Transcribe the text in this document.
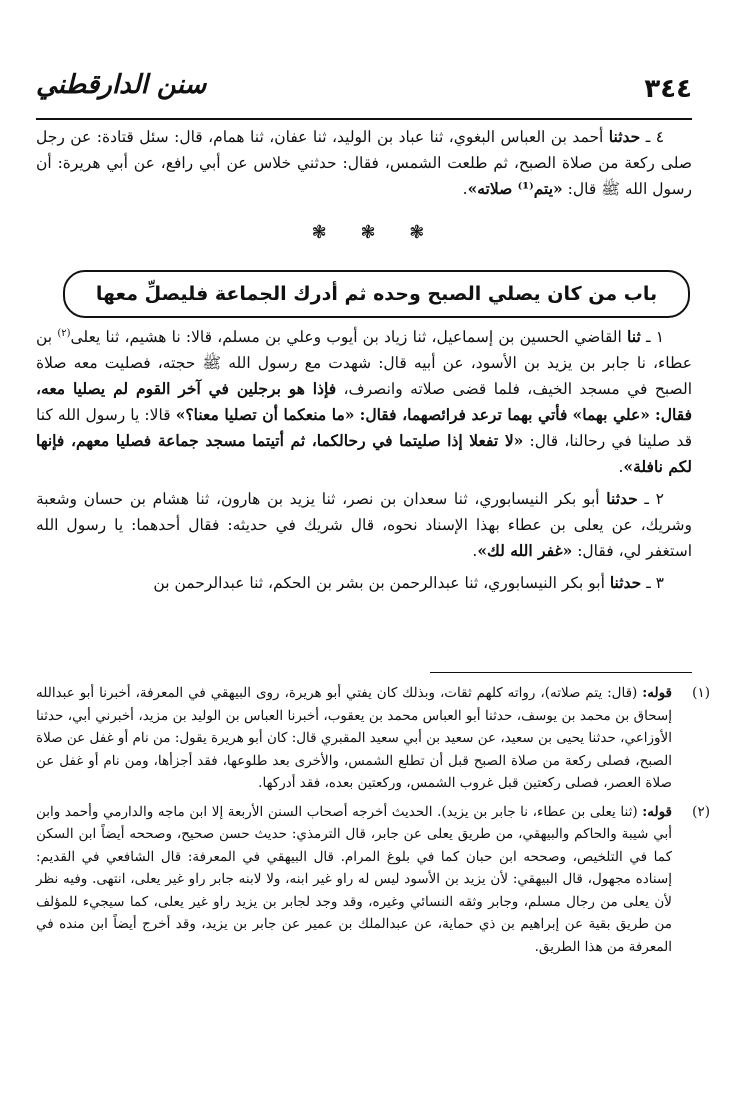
٣٤٤
سنن الدارقطني

٤ ـ حدثنا أحمد بن العباس البغوي، ثنا عباد بن الوليد، ثنا عفان، ثنا همام، قال: سئل قتادة: عن رجل صلى ركعة من صلاة الصبح، ثم طلعت الشمس، فقال: حدثني خلاس عن أبي رافع، عن أبي هريرة: أن رسول الله ﷺ قال: «يتم⁽¹⁾ صلاته».

❃ ❃ ❃
باب من كان يصلي الصبح وحده ثم أدرك الجماعة فليصلِّ معها

١ ـ ثنا القاضي الحسين بن إسماعيل، ثنا زياد بن أيوب وعلي بن مسلم، قالا: نا هشيم، ثنا يعلى$^{(٢)}$ بن عطاء، نا جابر بن يزيد بن الأسود، عن أبيه قال: شهدت مع رسول الله ﷺ حجته، فصليت معه صلاة الصبح في مسجد الخيف، فلما قضى صلاته وانصرف، فإذا هو برجلين في آخر القوم لم يصليا معه، فقال: «علي بهما» فأتي بهما ترعد فرائصهما، فقال: «ما منعكما أن تصليا معنا؟» قالا: يا رسول الله كنا قد صلينا في رحالنا، قال: «لا تفعلا إذا صليتما في رحالكما، ثم أتيتما مسجد جماعة فصليا معهم، فإنها لكم نافلة».

٢ ـ حدثنا أبو بكر النيسابوري، ثنا سعدان بن نصر، ثنا يزيد بن هارون، ثنا هشام بن حسان وشعبة وشريك، عن يعلى بن عطاء بهذا الإسناد نحوه، قال شريك في حديثه: فقال أحدهما: يا رسول الله استغفر لي، فقال: «غفر الله لك».

٣ ـ حدثنا أبو بكر النيسابوري، ثنا عبدالرحمن بن بشر بن الحكم، ثنا عبدالرحمن بن

(١)
قوله: (قال: يتم صلاته)، رواته كلهم ثقات، وبذلك كان يفتي أبو هريرة، روى البيهقي في المعرفة، أخبرنا أبو عبدالله إسحاق بن محمد بن يوسف، حدثنا أبو العباس محمد بن يعقوب، أخبرنا العباس بن الوليد بن مزيد، أخبرني أبي، حدثنا الأوزاعي، حدثنا يحيى بن سعيد، عن سعيد بن أبي سعيد المقبري قال: كان أبو هريرة يقول: من نام أو غفل عن صلاة الصبح، فصلى ركعة من صلاة الصبح قبل أن تطلع الشمس، والأخرى بعد طلوعها، فقد أجزأها، ومن نام أو غفل عن صلاة العصر، فصلى ركعتين قبل غروب الشمس، وركعتين بعده، فقد أدركها.

(٢)
قوله: (ثنا يعلى بن عطاء، نا جابر بن يزيد). الحديث أخرجه أصحاب السنن الأربعة إلا ابن ماجه والدارمي وأحمد وابن أبي شيبة والحاكم والبيهقي، من طريق يعلى عن جابر، قال الترمذي: حديث حسن صحيح، وصححه أيضاً ابن السكن كما في التلخيص، وصححه ابن حبان كما في بلوغ المرام. قال البيهقي في المعرفة: قال الشافعي في القديم: إسناده مجهول، قال البيهقي: لأن يزيد بن الأسود ليس له راو غير ابنه، ولا لابنه جابر راو غير يعلى، انتهى. وفيه نظر لأن يعلى من رجال مسلم، وجابر وثقه النسائي وغيره، وقد وجد لجابر بن يزيد راو غير يعلى، كما سيجيء للمؤلف من طريق بقية عن إبراهيم بن ذي حماية، عن عبدالملك بن عمير عن جابر بن يزيد، وقد أخرج أيضاً ابن منده في المعرفة من هذا الطريق.
